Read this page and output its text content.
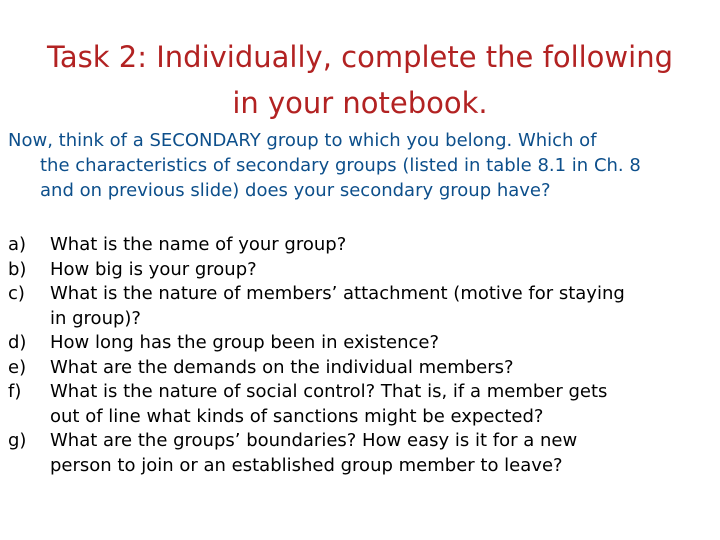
Task 2: Individually, complete the following
in your notebook.
Now, think of a SECONDARY group to which you belong. Which of
the characteristics of secondary groups (listed in table 8.1 in Ch. 8
and on previous slide) does your secondary group have?
a) What is the name of your group?
b) How big is your group?
c) What is the nature of members’ attachment (motive for staying
in group)?
d) How long has the group been in existence?
e) What are the demands on the individual members?
f) What is the nature of social control? That is, if a member gets
out of line what kinds of sanctions might be expected?
g) What are the groups’ boundaries? How easy is it for a new
person to join or an established group member to leave?
